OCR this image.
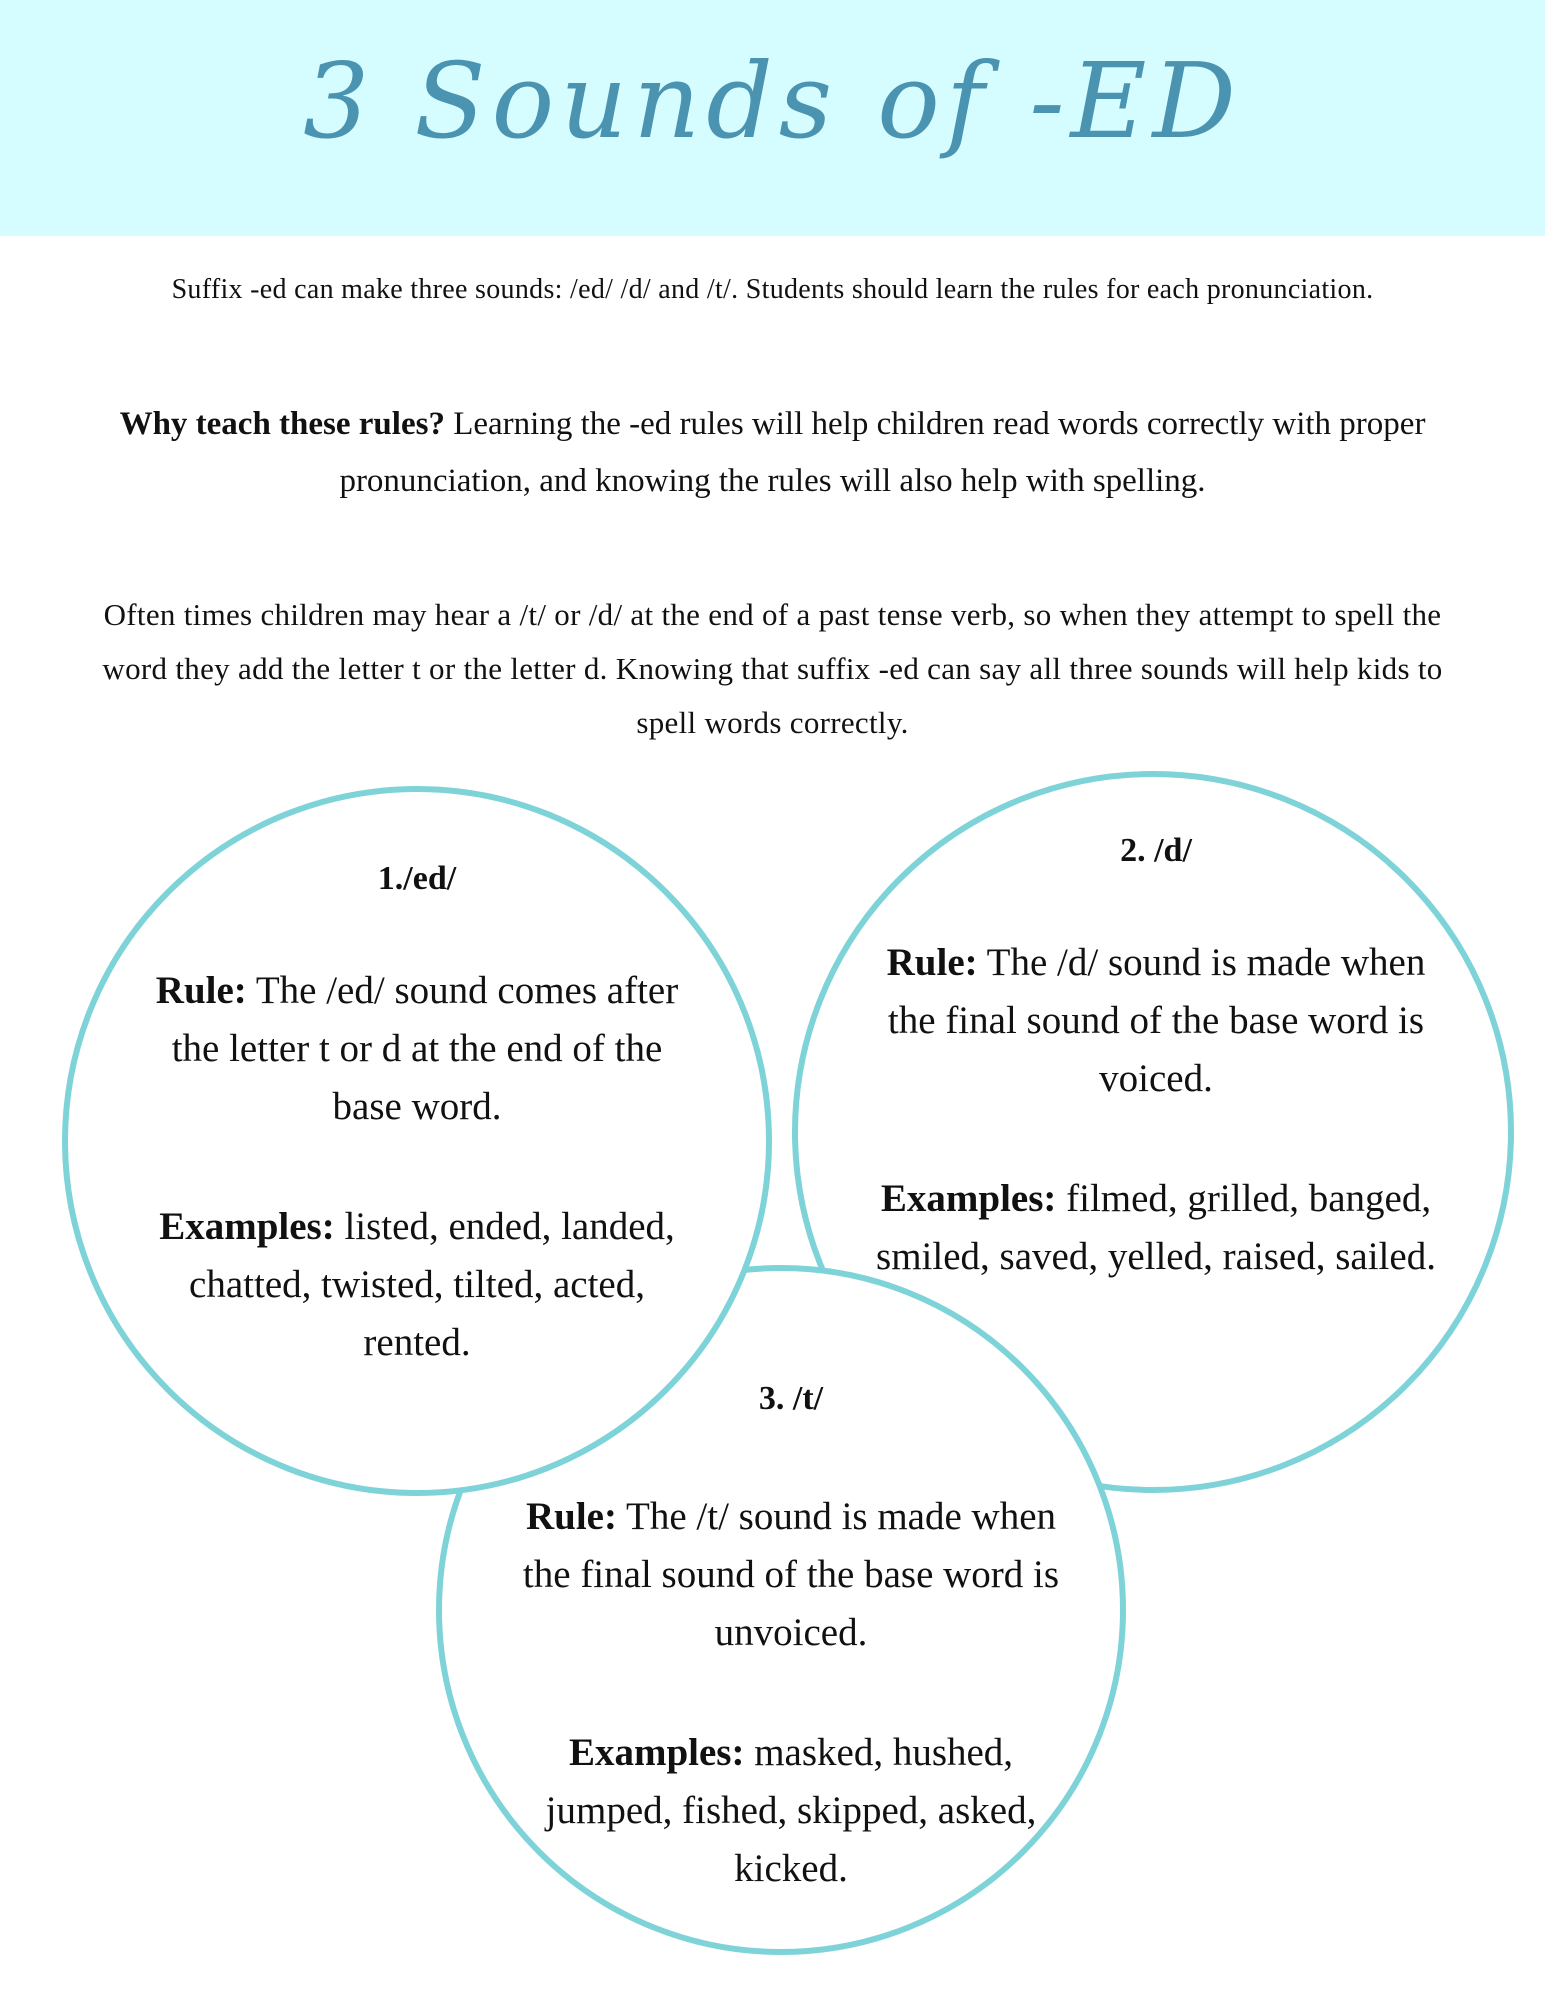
3 Sounds of -ED

Suffix -ed can make three sounds: /ed/ /d/ and /t/. Students should learn the rules for each pronunciation.

Why teach these rules? Learning the -ed rules will help children read words correctly with proper pronunciation, and knowing the rules will also help with spelling.

Often times children may hear a /t/ or /d/ at the end of a past tense verb, so when they attempt to spell the word they add the letter t or the letter d. Knowing that suffix -ed can say all three sounds will help kids to spell words correctly.

1./ed/

Rule: The /ed/ sound comes after the letter t or d at the end of the base word.

Examples: listed, ended, landed, chatted, twisted, tilted, acted, rented.

2. /d/

Rule: The /d/ sound is made when the final sound of the base word is voiced.

Examples: filmed, grilled, banged, smiled, saved, yelled, raised, sailed.

3. /t/

Rule: The /t/ sound is made when the final sound of the base word is unvoiced.

Examples: masked, hushed, jumped, fished, skipped, asked, kicked.
